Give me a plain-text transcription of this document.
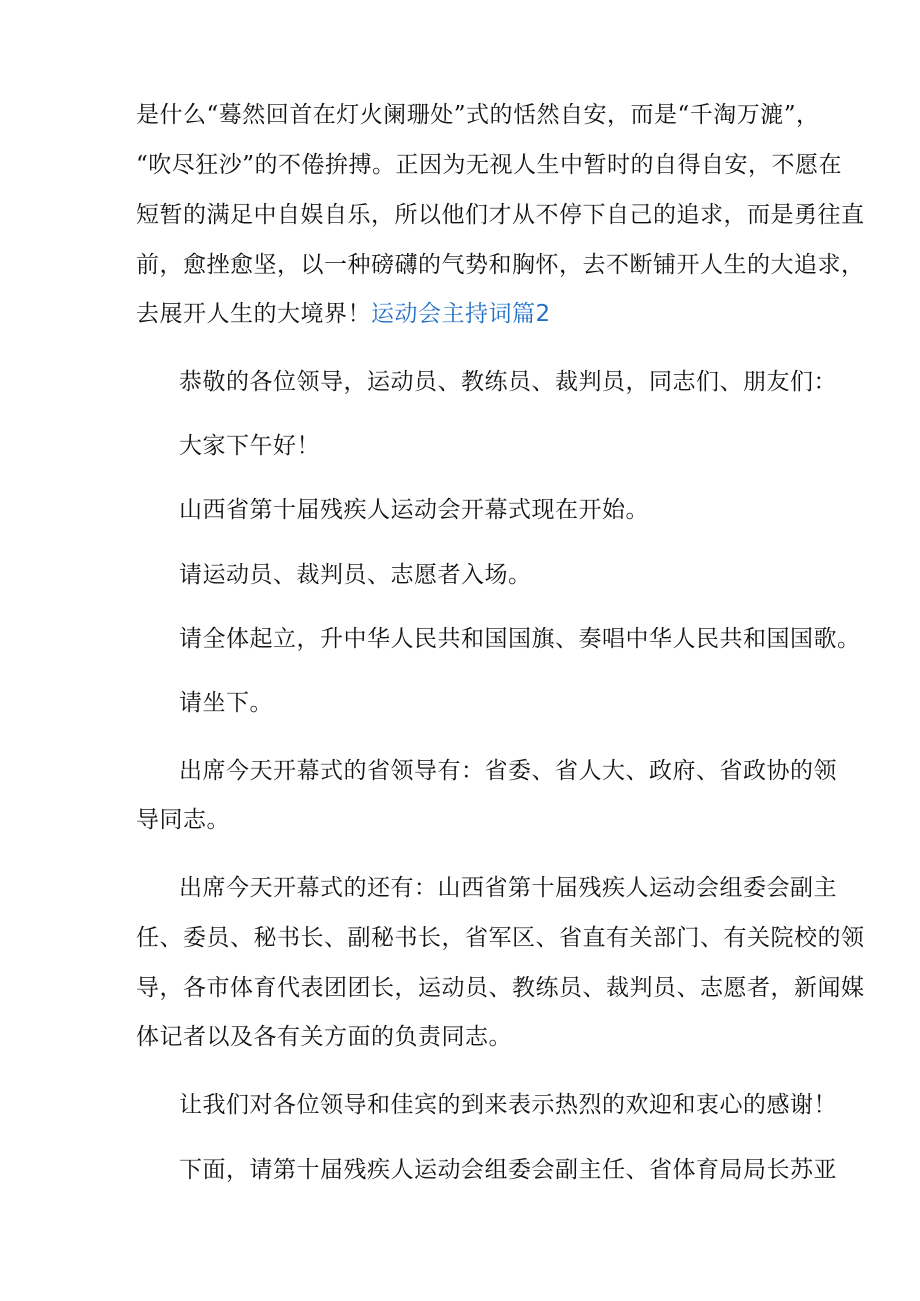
是什么“蓦然回首在灯火阑珊处”式的恬然自安，而是“千淘万漉”，
“吹尽狂沙”的不倦拚搏。正因为无视人生中暂时的自得自安，不愿在
短暂的满足中自娱自乐，所以他们才从不停下自己的追求，而是勇往直
前，愈挫愈坚，以一种磅礴的气势和胸怀，去不断铺开人生的大追求，
去展开人生的大境界！运动会主持词篇2
恭敬的各位领导，运动员、教练员、裁判员，同志们、朋友们：
大家下午好！
山西省第十届残疾人运动会开幕式现在开始。
请运动员、裁判员、志愿者入场。
请全体起立，升中华人民共和国国旗、奏唱中华人民共和国国歌。
请坐下。
出席今天开幕式的省领导有：省委、省人大、政府、省政协的领
导同志。
出席今天开幕式的还有：山西省第十届残疾人运动会组委会副主
任、委员、秘书长、副秘书长，省军区、省直有关部门、有关院校的领
导，各市体育代表团团长，运动员、教练员、裁判员、志愿者，新闻媒
体记者以及各有关方面的负责同志。
让我们对各位领导和佳宾的到来表示热烈的欢迎和衷心的感谢！
下面，请第十届残疾人运动会组委会副主任、省体育局局长苏亚
